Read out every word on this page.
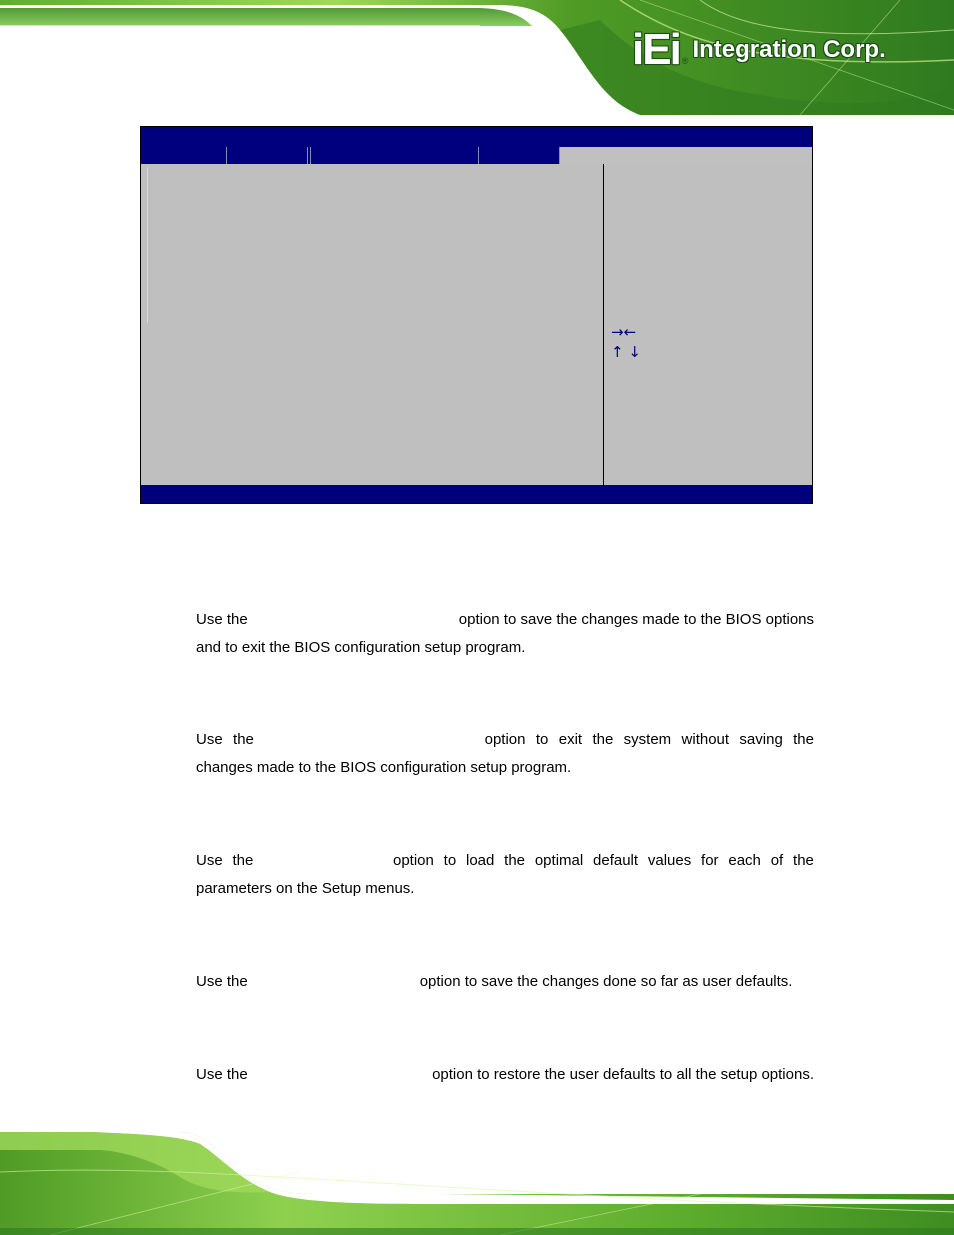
iEi ® Integration Corp.
→←
↑ ↓
Use the	option to save the changes made to the BIOS options
and to exit the BIOS configuration setup program.
Use the	option to exit the system without saving the
changes made to the BIOS configuration setup program.
Use the	option to load the optimal default values for each of the
parameters on the Setup menus.
Use the	option to save the changes done so far as user defaults.
Use the	option to restore the user defaults to all the setup options.
